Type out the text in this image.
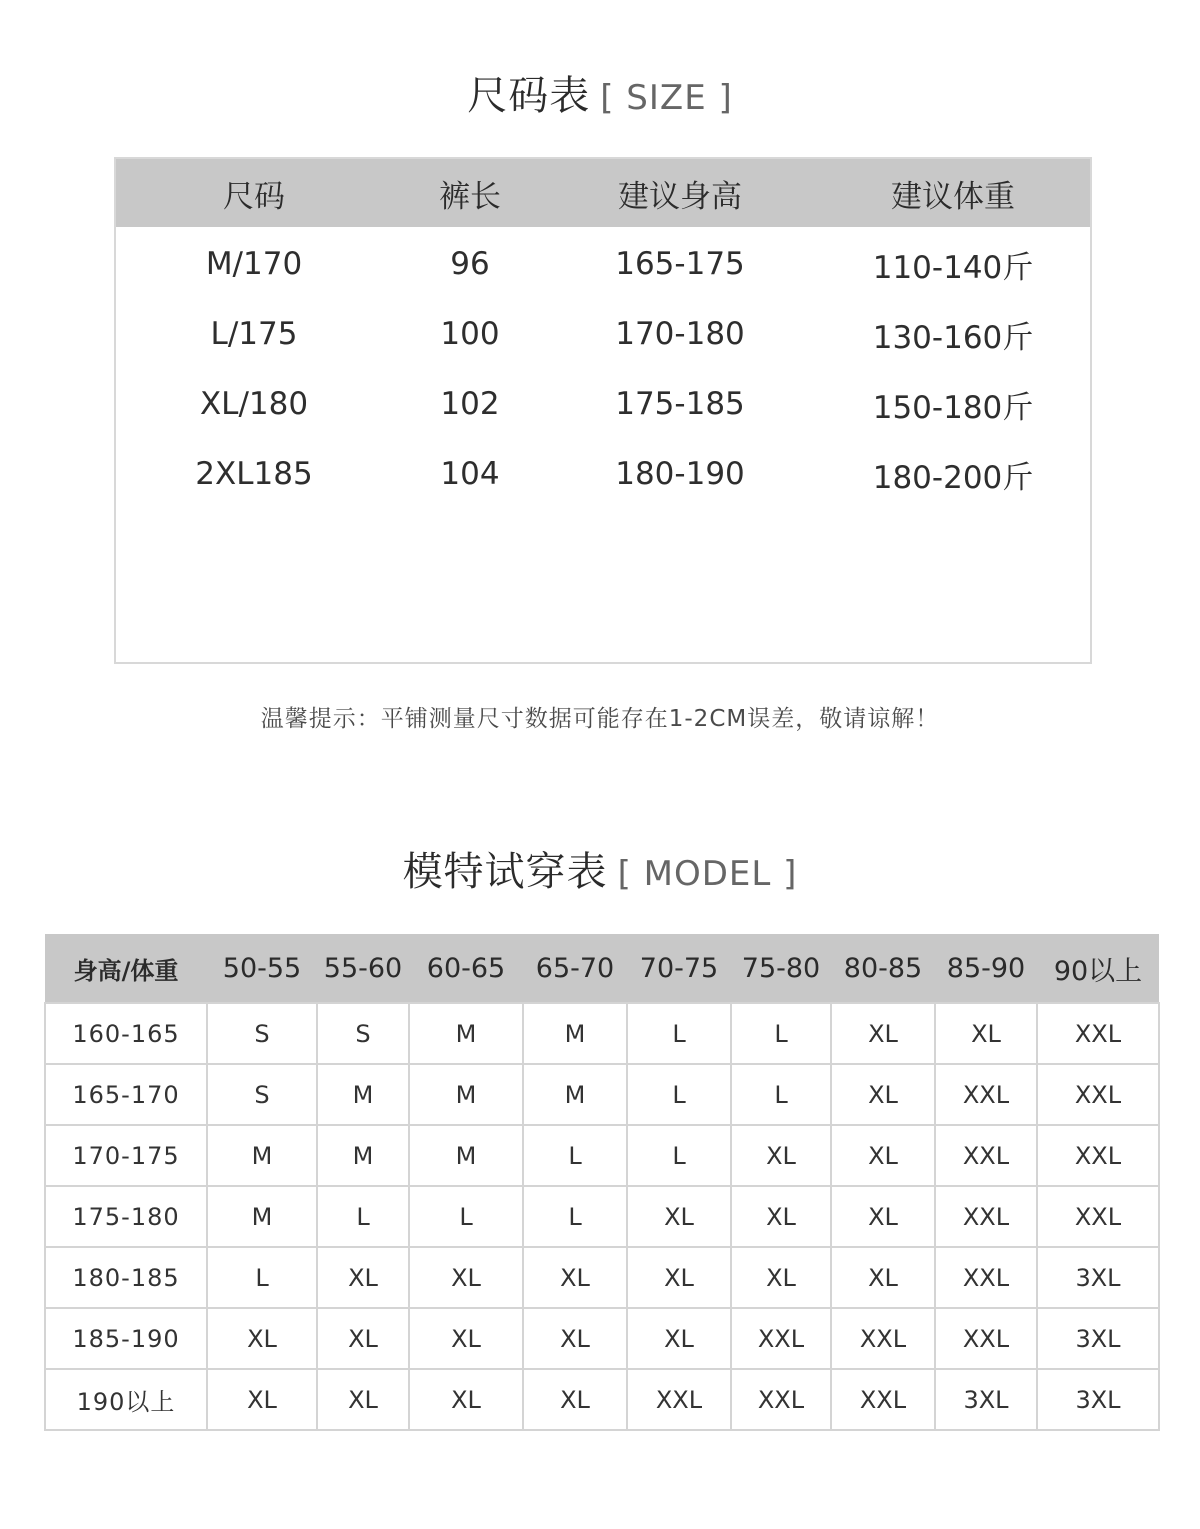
尺码表 [ SIZE ]
尺码	裤长	建议身高	建议体重
M/170	96	165-175	110-140斤
L/175	100	170-180	130-160斤
XL/180	102	175-185	150-180斤
2XL185	104	180-190	180-200斤
温馨提示：平铺测量尺寸数据可能存在1-2CM误差，敬请谅解！
模特试穿表 [ MODEL ]
身高/体重	50-55	55-60	60-65	65-70	70-75	75-80	80-85	85-90	90以上
160-165	S	S	M	M	L	L	XL	XL	XXL
165-170	S	M	M	M	L	L	XL	XXL	XXL
170-175	M	M	M	L	L	XL	XL	XXL	XXL
175-180	M	L	L	L	XL	XL	XL	XXL	XXL
180-185	L	XL	XL	XL	XL	XL	XL	XXL	3XL
185-190	XL	XL	XL	XL	XL	XXL	XXL	XXL	3XL
190以上	XL	XL	XL	XL	XXL	XXL	XXL	3XL	3XL
